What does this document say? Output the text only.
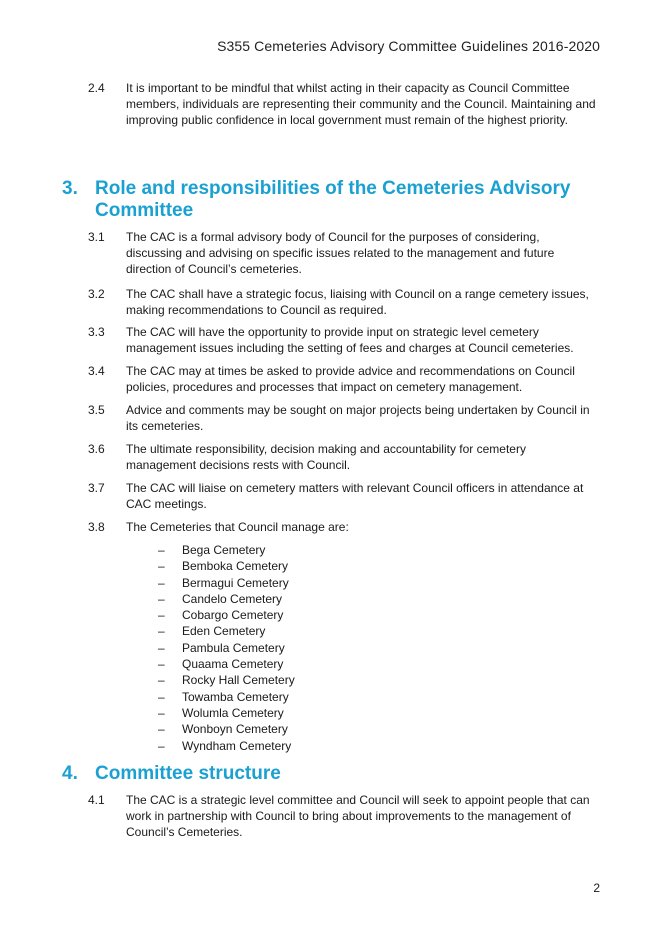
S355 Cemeteries Advisory Committee Guidelines 2016-2020
2.4 It is important to be mindful that whilst acting in their capacity as Council Committee members, individuals are representing their community and the Council. Maintaining and improving public confidence in local government must remain of the highest priority.
3. Role and responsibilities of the Cemeteries Advisory Committee
3.1 The CAC is a formal advisory body of Council for the purposes of considering, discussing and advising on specific issues related to the management and future direction of Council’s cemeteries.
3.2 The CAC shall have a strategic focus, liaising with Council on a range cemetery issues, making recommendations to Council as required.
3.3 The CAC will have the opportunity to provide input on strategic level cemetery management issues including the setting of fees and charges at Council cemeteries.
3.4 The CAC may at times be asked to provide advice and recommendations on Council policies, procedures and processes that impact on cemetery management.
3.5 Advice and comments may be sought on major projects being undertaken by Council in its cemeteries.
3.6 The ultimate responsibility, decision making and accountability for cemetery management decisions rests with Council.
3.7 The CAC will liaise on cemetery matters with relevant Council officers in attendance at CAC meetings.
3.8 The Cemeteries that Council manage are:
– Bega Cemetery
– Bemboka Cemetery
– Bermagui Cemetery
– Candelo Cemetery
– Cobargo Cemetery
– Eden Cemetery
– Pambula Cemetery
– Quaama Cemetery
– Rocky Hall Cemetery
– Towamba Cemetery
– Wolumla Cemetery
– Wonboyn Cemetery
– Wyndham Cemetery
4. Committee structure
4.1 The CAC is a strategic level committee and Council will seek to appoint people that can work in partnership with Council to bring about improvements to the management of Council’s Cemeteries.
2
